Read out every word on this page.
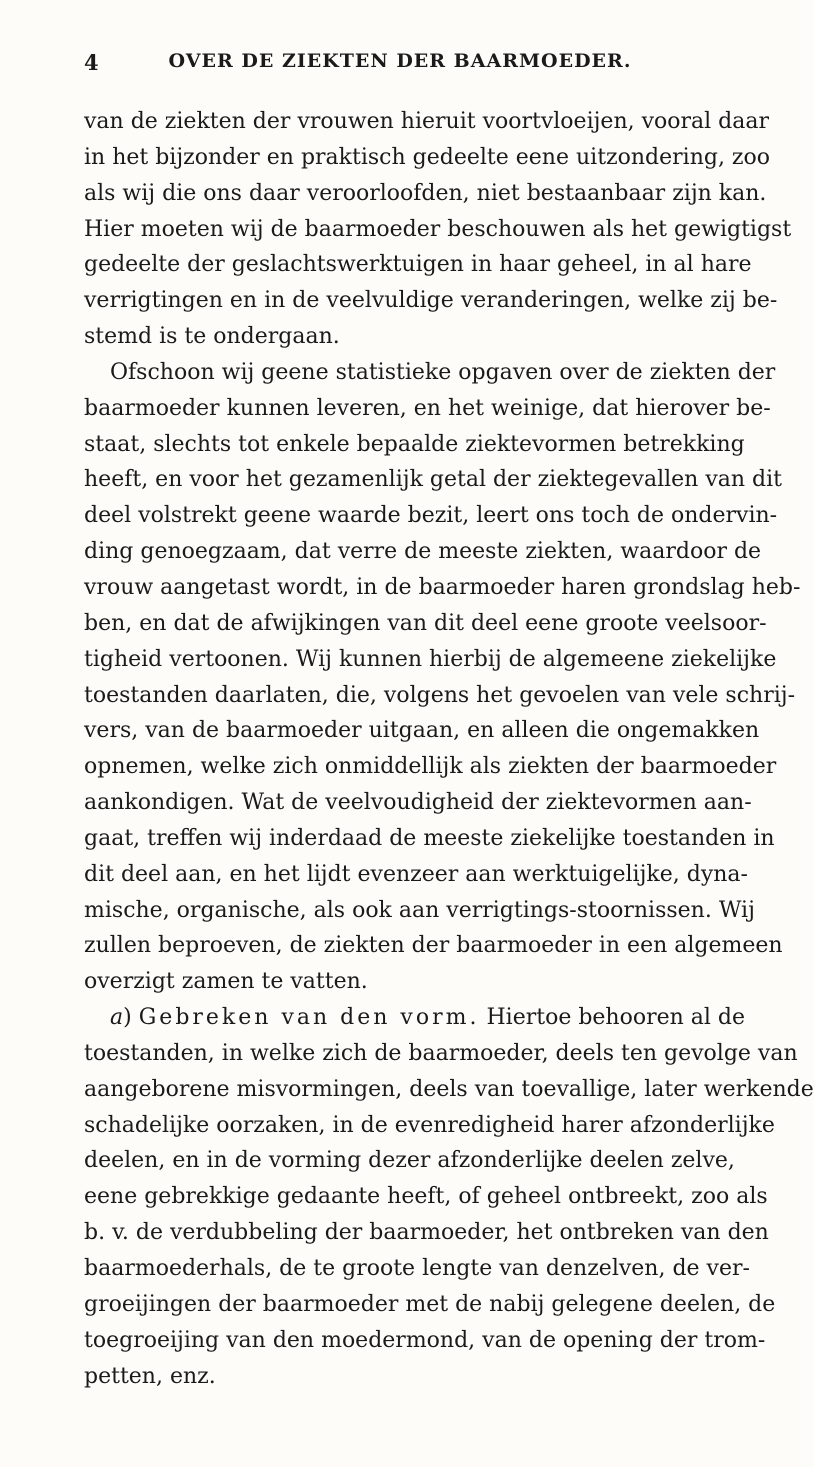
4	OVER DE ZIEKTEN DER BAARMOEDER.
van de ziekten der vrouwen hieruit voortvloeijen, vooral daar
in het bijzonder en praktisch gedeelte eene uitzondering, zoo
als wij die ons daar veroorloofden, niet bestaanbaar zijn kan.
Hier moeten wij de baarmoeder beschouwen als het gewigtigst
gedeelte der geslachtswerktuigen in haar geheel, in al hare
verrigtingen en in de veelvuldige veranderingen, welke zij be-
stemd is te ondergaan.
Ofschoon wij geene statistieke opgaven over de ziekten der
baarmoeder kunnen leveren, en het weinige, dat hierover be-
staat, slechts tot enkele bepaalde ziektevormen betrekking
heeft, en voor het gezamenlijk getal der ziektegevallen van dit
deel volstrekt geene waarde bezit, leert ons toch de ondervin-
ding genoegzaam, dat verre de meeste ziekten, waardoor de
vrouw aangetast wordt, in de baarmoeder haren grondslag heb-
ben, en dat de afwijkingen van dit deel eene groote veelsoor-
tigheid vertoonen. Wij kunnen hierbij de algemeene ziekelijke
toestanden daarlaten, die, volgens het gevoelen van vele schrij-
vers, van de baarmoeder uitgaan, en alleen die ongemakken
opnemen, welke zich onmiddellijk als ziekten der baarmoeder
aankondigen. Wat de veelvoudigheid der ziektevormen aan-
gaat, treffen wij inderdaad de meeste ziekelijke toestanden in
dit deel aan, en het lijdt evenzeer aan werktuigelijke, dyna-
mische, organische, als ook aan verrigtings-stoornissen. Wij
zullen beproeven, de ziekten der baarmoeder in een algemeen
overzigt zamen te vatten.
a) Gebreken van den vorm. Hiertoe behooren al de
toestanden, in welke zich de baarmoeder, deels ten gevolge van
aangeborene misvormingen, deels van toevallige, later werkende
schadelijke oorzaken, in de evenredigheid harer afzonderlijke
deelen, en in de vorming dezer afzonderlijke deelen zelve,
eene gebrekkige gedaante heeft, of geheel ontbreekt, zoo als
b. v. de verdubbeling der baarmoeder, het ontbreken van den
baarmoederhals, de te groote lengte van denzelven, de ver-
groeijingen der baarmoeder met de nabij gelegene deelen, de
toegroeijing van den moedermond, van de opening der trom-
petten, enz.
